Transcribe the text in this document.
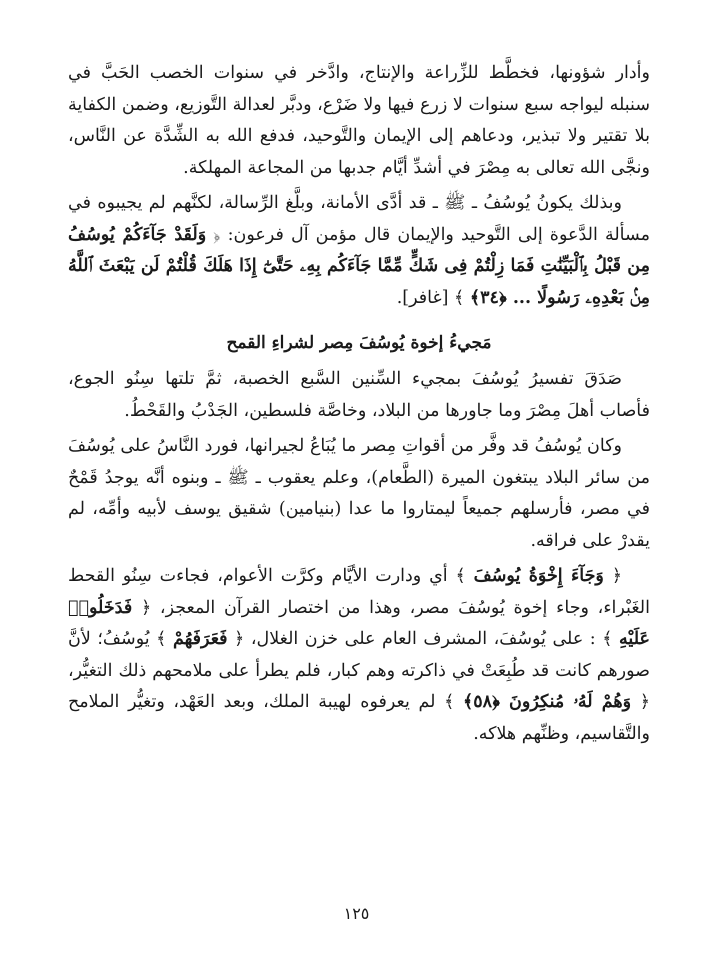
وأدار شؤونها، فخطَّط للزِّراعة والإنتاج، وادَّخر في سنوات الخصب الحَبَّ في سنبله ليواجه سبع سنوات لا زرع فيها ولا ضَرْع، ودبَّر لعدالة التَّوزيع، وضمن الكفاية بلا تقتير ولا تبذير، ودعاهم إلى الإيمان والتَّوحيد، فدفع الله به الشِّدَّة عن النَّاس، ونجَّى الله تعالى به مِصْرَ في أشدِّ أيَّام جدبها من المجاعة المهلكة.

وبذلك يكونُ يُوسُفُ ـ ﷺ ـ قد أدَّى الأمانة، وبلَّغ الرِّسالة، لكنَّهم لم يجيبوه في مسألة الدَّعوة إلى التَّوحيد والإيمان قال مؤمن آل فرعون: ﴿ وَلَقَدْ جَآءَكُمْ يُوسُفُ مِن قَبْلُ بِٱلْبَيِّنَٰتِ فَمَا زِلْتُمْ فِى شَكٍّ مِّمَّا جَآءَكُم بِهِۦ حَتَّىٰٓ إِذَا هَلَكَ قُلْتُمْ لَن يَبْعَثَ ٱللَّهُ مِنۢ بَعْدِهِۦ رَسُولًا ... ﴿٣٤﴾ ﴾ [غافر].

مَجيءُ إخوة يُوسُفَ مِصر لشراءِ القمح

صَدَقَ تفسيرُ يُوسُفَ بمجيء السِّنين السَّبع الخصبة، ثمَّ تلتها سِنُو الجوع، فأصاب أهلَ مِصْرَ وما جاورها من البلاد، وخاصَّة فلسطين، الجَدْبُ والقَحْطُ.

وكان يُوسُفُ قد وفَّر من أقواتِ مِصر ما يُبَاعُ لجيرانها، فورد النَّاسُ على يُوسُفَ من سائر البلاد يبتغون الميرة (الطَّعام)، وعلم يعقوب ـ ﷺ ـ وبنوه أنَّه يوجدُ قَمْحٌ في مصر، فأرسلهم جميعاً ليمتاروا ما عدا (بنيامين) شقيق يوسف لأبيه وأمِّه، لم يقدرْ على فراقه.

﴿ وَجَآءَ إِخْوَةُ يُوسُفَ ﴾ أي ودارت الأيَّام وكرَّت الأعوام، فجاءت سِنُو القحط الغَبْراء، وجاء إخوة يُوسُفَ مصر، وهذا من اختصار القرآن المعجز، ﴿ فَدَخَلُوا۟ عَلَيْهِ ﴾ : على يُوسُفَ، المشرف العام على خزن الغلال، ﴿ فَعَرَفَهُمْ ﴾ يُوسُفُ؛ لأنَّ صورهم كانت قد طُبِعَتْ في ذاكرته وهم كبار، فلم يطرأ على ملامحهم ذلك التغيُّر، ﴿ وَهُمْ لَهُۥ مُنكِرُونَ ﴿٥٨﴾ ﴾ لم يعرفوه لهيبة الملك، وبعد العَهْد، وتغيُّر الملامح والتَّقاسيم، وظنِّهم هلاكه.

١٢٥
